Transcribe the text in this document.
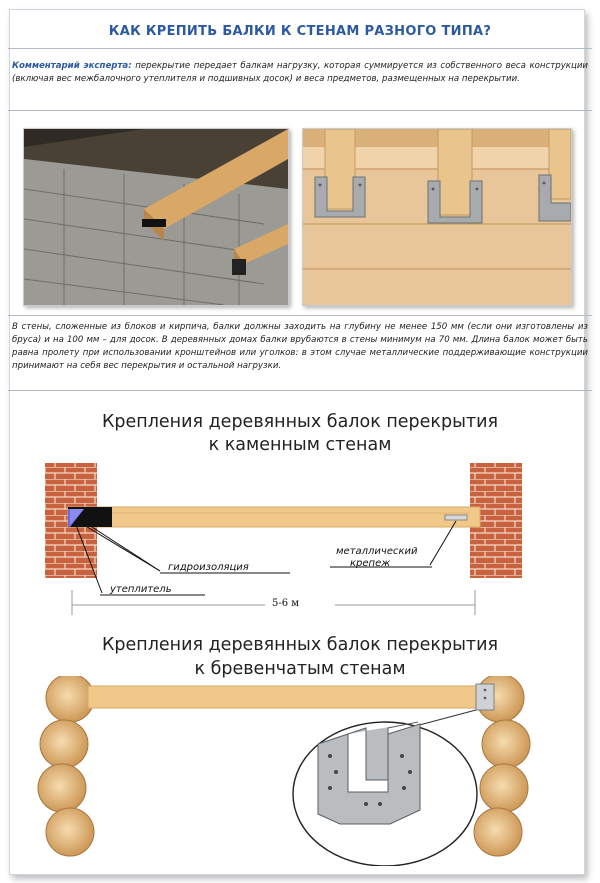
КАК КРЕПИТЬ БАЛКИ К СТЕНАМ РАЗНОГО ТИПА?
Комментарий эксперта: перекрытие передает балкам нагрузку, которая суммируется из собственного веса конструкции (включая вес межбалочного утеплителя и подшивных досок) и веса предметов, размещенных на перекрытии.
В стены, сложенные из блоков и кирпича, балки должны заходить на глубину не менее 150 мм (если они изготовлены из бруса) и на 100 мм – для досок. В деревянных домах балки врубаются в стены минимум на 70 мм. Длина балок может быть равна пролету при использовании кронштейнов или уголков: в этом случае металлические поддерживающие конструкции принимают на себя вес перекрытия и остальной нагрузки.
Крепления деревянных балок перекрытия
к каменным стенам
гидроизоляция
утеплитель
металлический
крепеж
5-6 м
Крепления деревянных балок перекрытия
к бревенчатым стенам
